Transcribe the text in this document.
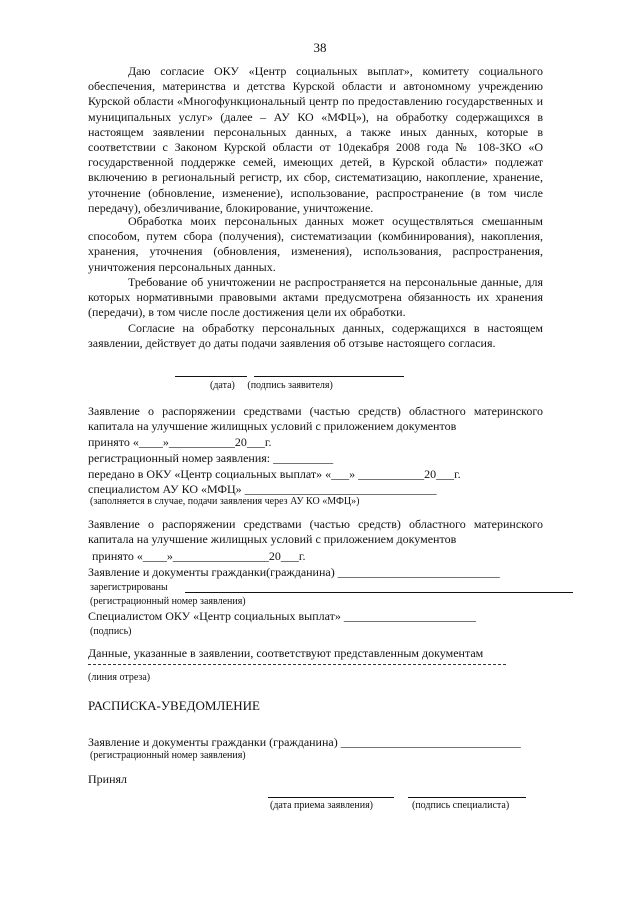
38

Даю согласие ОКУ «Центр социальных выплат», комитету социального обеспечения, материнства и детства Курской области и автономному учреждению Курской области «Многофункциональный центр по предоставлению государственных и муниципальных услуг» (далее – АУ КО «МФЦ»), на обработку содержащихся в настоящем заявлении персональных данных, а также иных данных, которые в соответствии с Законом Курской области от 10декабря 2008 года № 108-ЗКО «О государственной поддержке семей, имеющих детей, в Курской области» подлежат включению в региональный регистр, их сбор, систематизацию, накопление, хранение, уточнение (обновление, изменение), использование, распространение (в том числе передачу), обезличивание, блокирование, уничтожение.

Обработка моих персональных данных может осуществляться смешанным способом, путем сбора (получения), систематизации (комбинирования), накопления, хранения, уточнения (обновления, изменения), использования, распространения, уничтожения персональных данных.

Требование об уничтожении не распространяется на персональные данные, для которых нормативными правовыми актами предусмотрена обязанность их хранения (передачи), в том числе после достижения цели их обработки.

Согласие на обработку персональных данных, содержащихся в настоящем заявлении, действует до даты подачи заявления об отзыве настоящего согласия.

(дата)     (подпись заявителя)

Заявление о распоряжении средствами (частью средств) областного материнского капитала на улучшение жилищных условий с приложением документов

принято «____»___________20___г.
регистрационный номер заявления: __________
передано в ОКУ «Центр социальных выплат» «___» ___________20___г.
специалистом АУ КО «МФЦ» ________________________________
(заполняется в случае, подачи заявления через АУ КО «МФЦ»)

Заявление о распоряжении средствами (частью средств) областного материнского капитала на улучшение жилищных условий с приложением документов

принято «____»________________20___г.
Заявление и документы гражданки(гражданина) ___________________________
зарегистрированы
(регистрационный номер заявления)
Специалистом ОКУ «Центр социальных выплат» ______________________
(подпись)
Данные, указанные в заявлении, соответствуют представленным документам
(линия отреза)
РАСПИСКА-УВЕДОМЛЕНИЕ
Заявление и документы гражданки (гражданина) ______________________________
(регистрационный номер заявления)
Принял
(дата приема заявления)	(подпись специалиста)
